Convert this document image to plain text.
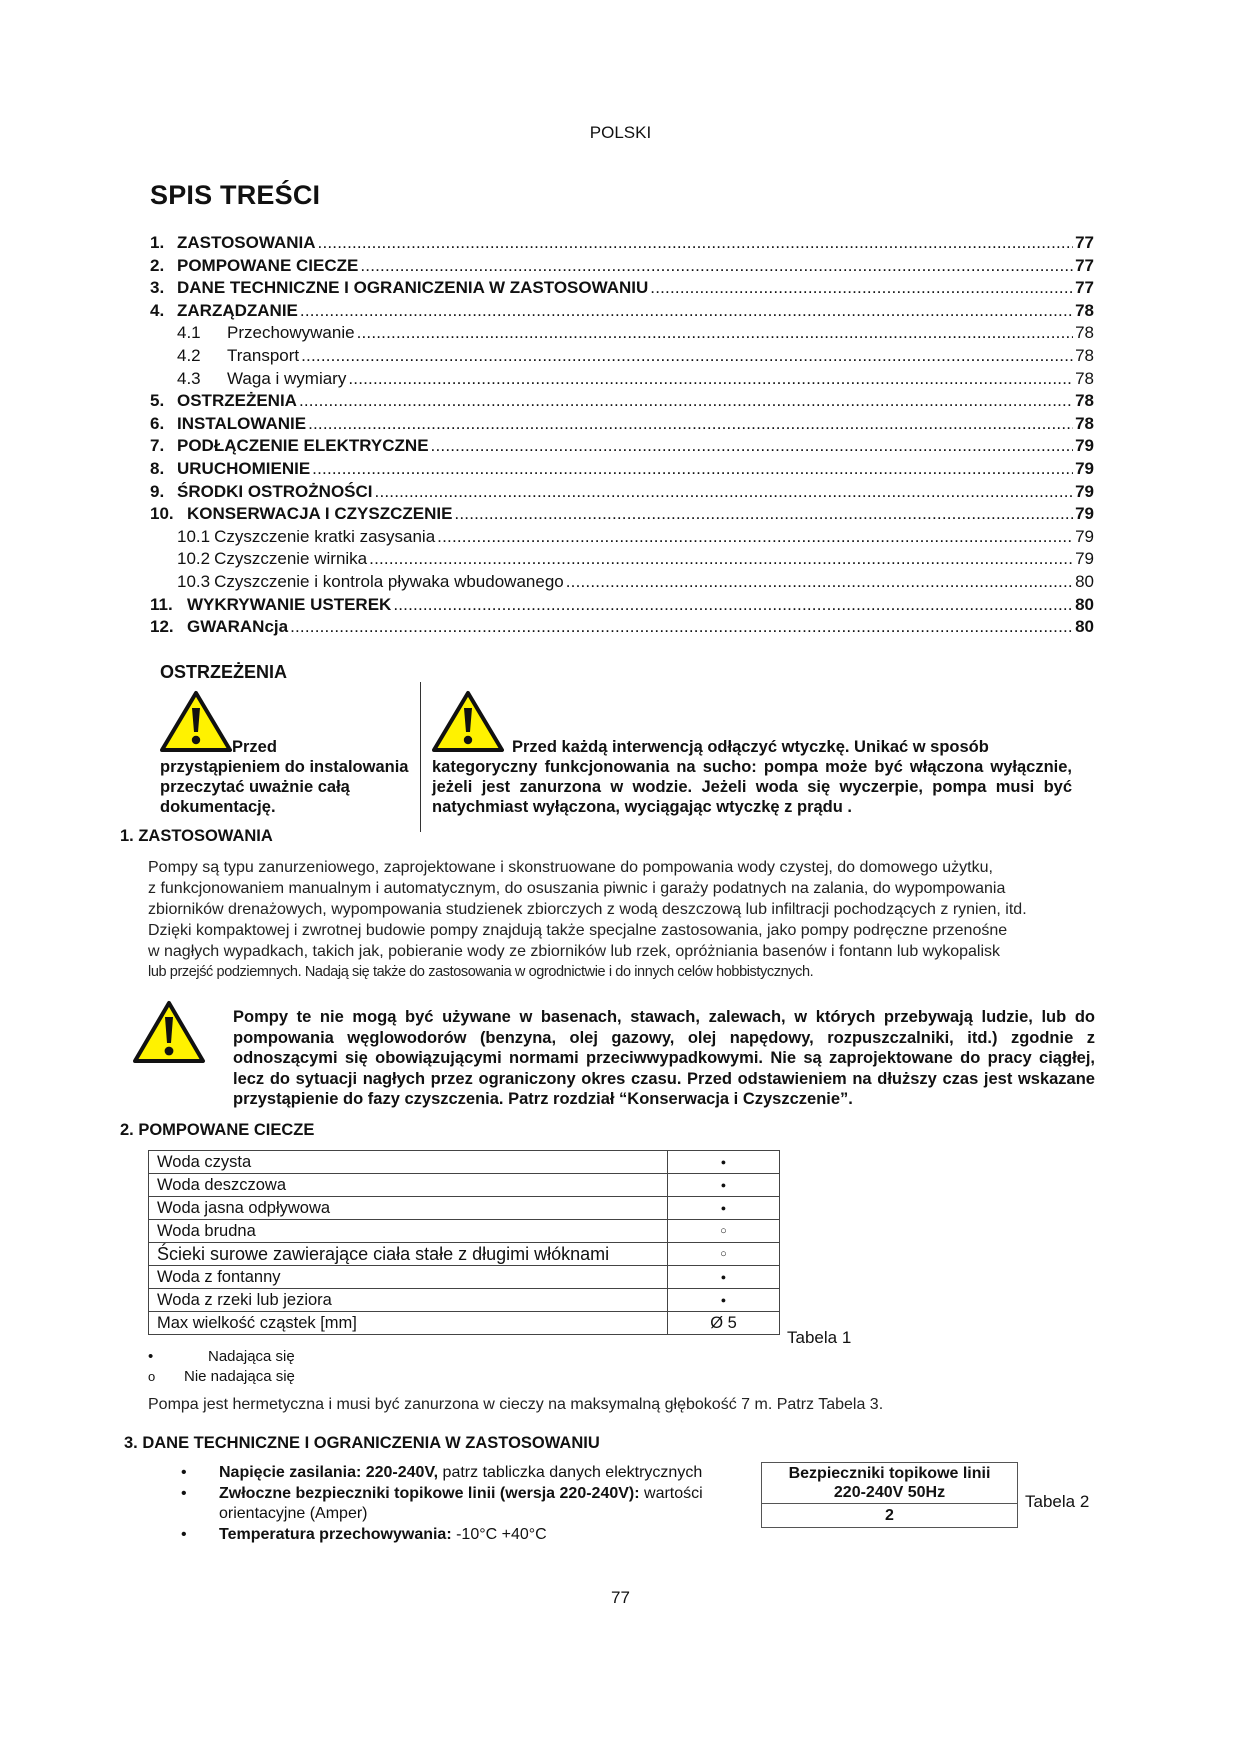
POLSKI
SPIS TREŚCI
1. ZASTOSOWANIA .....	77
2. POMPOWANE CIECZE .....	77
3. DANE TECHNICZNE I OGRANICZENIA W ZASTOSOWANIU .....	77
4. ZARZĄDZANIE .....	78
4.1	Przechowywanie .....	78
4.2	Transport .....	78
4.3	Waga i wymiary .....	78
5. OSTRZEŻENIA .....	78
6. INSTALOWANIE .....	78
7. PODŁĄCZENIE ELEKTRYCZNE .....	79
8. URUCHOMIENIE .....	79
9. ŚRODKI OSTROŻNOŚCI .....	79
10. KONSERWACJA I CZYSZCZENIE .....	79
10.1 Czyszczenie kratki zasysania .....	79
10.2 Czyszczenie wirnika .....	79
10.3 Czyszczenie i kontrola pływaka wbudowanego .....	80
11. WYKRYWANIE USTEREK .....	80
12. GWARANcja .....	80
OSTRZEŻENIA
Przed
przystąpieniem do instalowania przeczytać uważnie całą dokumentację.
Przed każdą interwencją odłączyć wtyczkę. Unikać w sposób
kategoryczny funkcjonowania na sucho: pompa może być włączona wyłącznie, jeżeli jest zanurzona w wodzie. Jeżeli woda się wyczerpie, pompa musi być natychmiast wyłączona, wyciągając wtyczkę z prądu .
1. ZASTOSOWANIA
Pompy są typu zanurzeniowego, zaprojektowane i skonstruowane do pompowania wody czystej, do domowego użytku,
z funkcjonowaniem manualnym i automatycznym, do osuszania piwnic i garaży podatnych na zalania, do wypompowania
zbiorników drenażowych, wypompowania studzienek zbiorczych z wodą deszczową lub infiltracji pochodzących z rynien, itd.
Dzięki kompaktowej i zwrotnej budowie pompy znajdują także specjalne zastosowania, jako pompy podręczne przenośne
w nagłych wypadkach, takich jak, pobieranie wody ze zbiorników lub rzek, opróżniania basenów i fontann lub wykopalisk
lub przejść podziemnych. Nadają się także do zastosowania w ogrodnictwie i do innych celów hobbistycznych.
Pompy te nie mogą być używane w basenach, stawach, zalewach, w których przebywają ludzie, lub do pompowania węglowodorów (benzyna, olej gazowy, olej napędowy, rozpuszczalniki, itd.) zgodnie z odnoszącymi się obowiązującymi normami przeciwwypadkowymi. Nie są zaprojektowane do pracy ciągłej, lecz do sytuacji nagłych przez ograniczony okres czasu. Przed odstawieniem na dłuższy czas jest wskazane przystąpienie do fazy czyszczenia. Patrz rozdział “Konserwacja i Czyszczenie”.
2. POMPOWANE CIECZE
Woda czysta	●
Woda deszczowa	●
Woda jasna odpływowa	●
Woda brudna	○
Ścieki surowe zawierające ciała stałe z długimi włóknami	○
Woda z fontanny	●
Woda z rzeki lub jeziora	●
Max wielkość cząstek [mm]	Ø 5
Tabela 1
•	Nadająca się
o Nie nadająca się
Pompa jest hermetyczna i musi być zanurzona w cieczy na maksymalną głębokość 7 m. Patrz Tabela 3.
3. DANE TECHNICZNE I OGRANICZENIA W ZASTOSOWANIU
• Napięcie zasilania: 220-240V, patrz tabliczka danych elektrycznych
• Zwłoczne bezpieczniki topikowe linii (wersja 220-240V): wartości orientacyjne (Amper)
• Temperatura przechowywania: -10°C +40°C
Bezpieczniki topikowe linii
220-240V 50Hz
2
Tabela 2
77
